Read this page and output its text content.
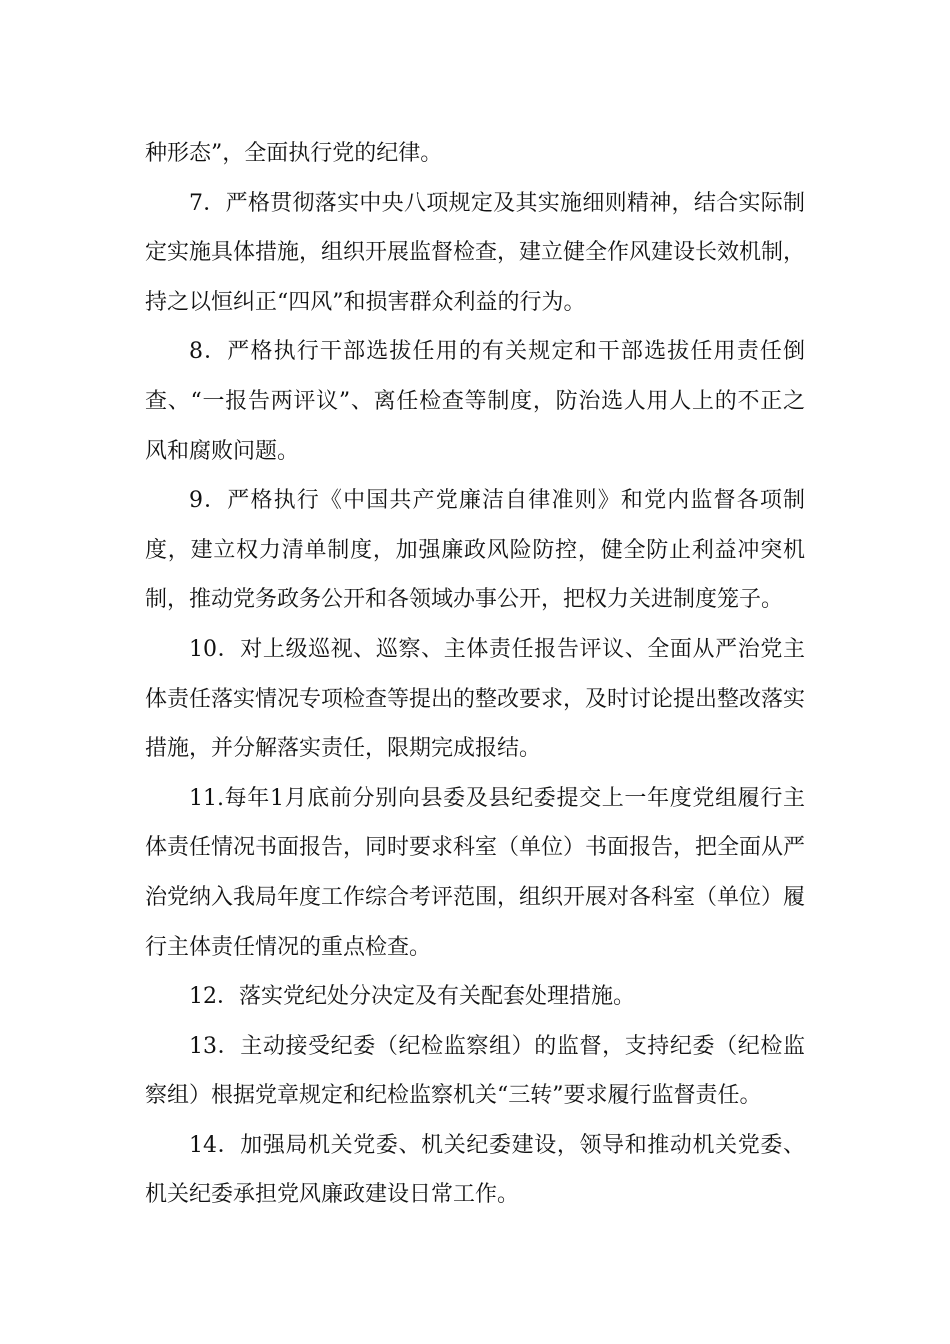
种形态”，全面执行党的纪律。

7．严格贯彻落实中央八项规定及其实施细则精神，结合实际制定实施具体措施，组织开展监督检查，建立健全作风建设长效机制，持之以恒纠正“四风”和损害群众利益的行为。

8．严格执行干部选拔任用的有关规定和干部选拔任用责任倒查、“一报告两评议”、离任检查等制度，防治选人用人上的不正之风和腐败问题。

9．严格执行《中国共产党廉洁自律准则》和党内监督各项制度，建立权力清单制度，加强廉政风险防控，健全防止利益冲突机制，推动党务政务公开和各领域办事公开，把权力关进制度笼子。

10．对上级巡视、巡察、主体责任报告评议、全面从严治党主体责任落实情况专项检查等提出的整改要求，及时讨论提出整改落实措施，并分解落实责任，限期完成报结。

11.每年1月底前分别向县委及县纪委提交上一年度党组履行主体责任情况书面报告，同时要求科室（单位）书面报告，把全面从严治党纳入我局年度工作综合考评范围，组织开展对各科室（单位）履行主体责任情况的重点检查。

12．落实党纪处分决定及有关配套处理措施。

13．主动接受纪委（纪检监察组）的监督，支持纪委（纪检监察组）根据党章规定和纪检监察机关“三转”要求履行监督责任。

14．加强局机关党委、机关纪委建设，领导和推动机关党委、机关纪委承担党风廉政建设日常工作。
